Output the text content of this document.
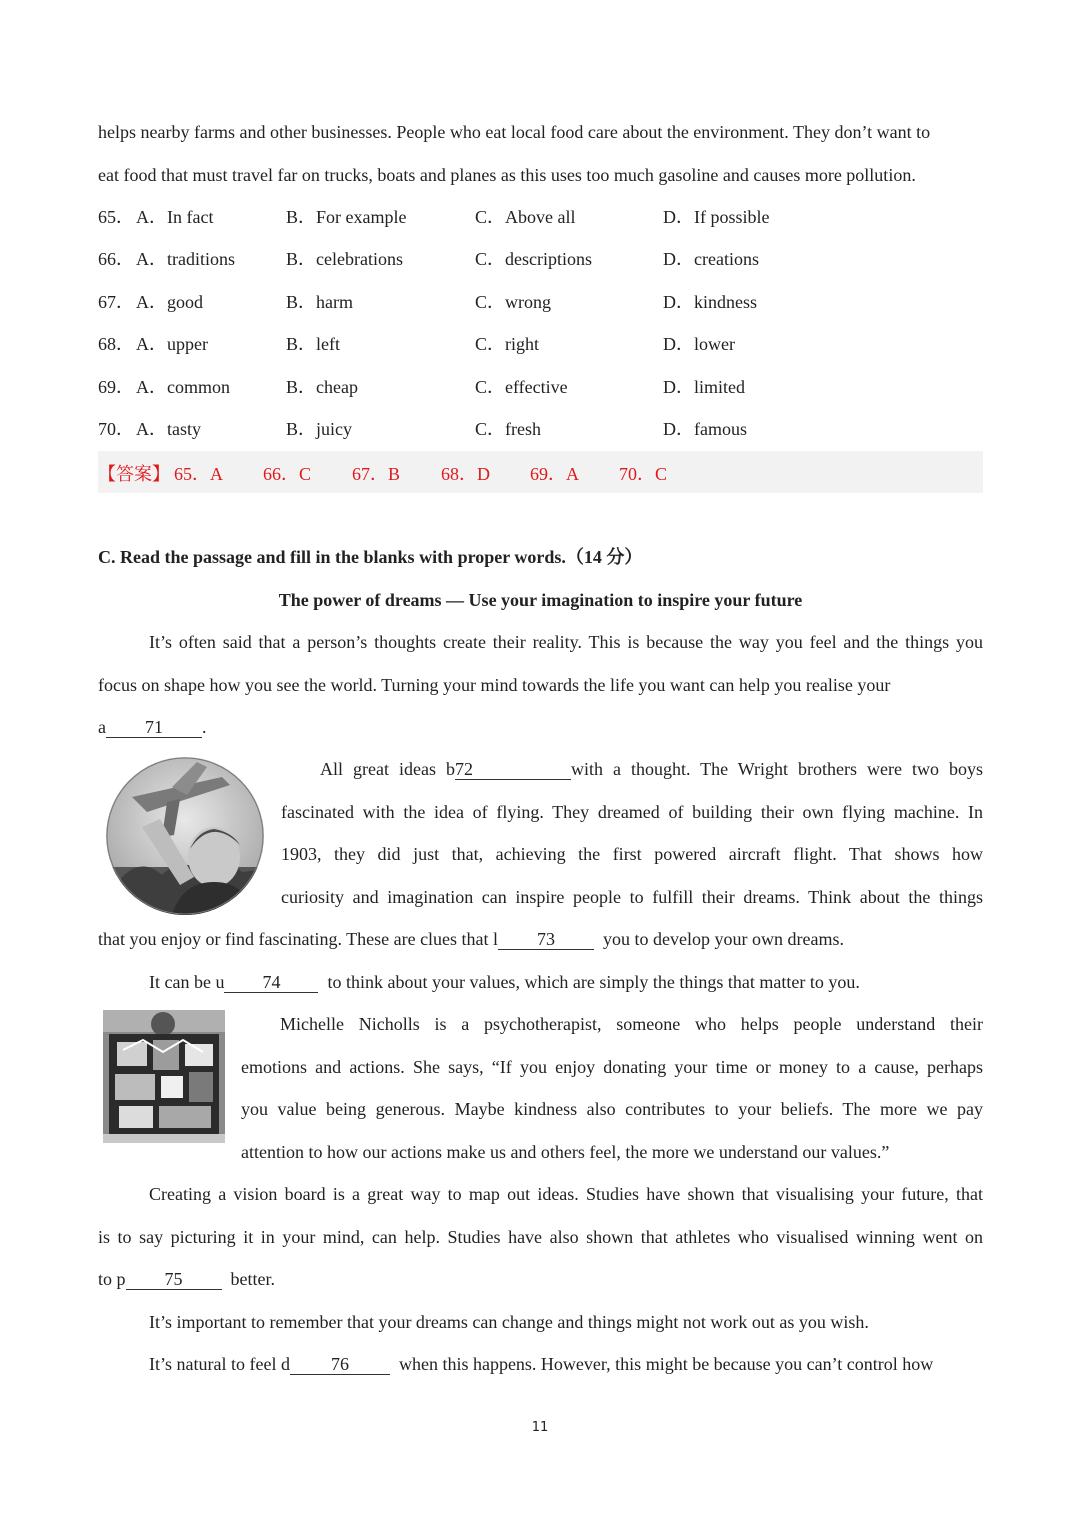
helps nearby farms and other businesses. People who eat local food care about the environment. They don’t want to
eat food that must travel far on trucks, boats and planes as this uses too much gasoline and causes more pollution.
65． A．In fact	B．For example	C．Above all	D．If possible
66． A．traditions	B．celebrations	C．descriptions	D．creations
67． A．good	B．harm	C．wrong	D．kindness
68． A．upper	B．left	C．right	D．lower
69． A．common	B．cheap	C．effective	D．limited
70． A．tasty	B．juicy	C．fresh	D．famous
【答案】 65．A 66．C 67．B 68．D 69．A 70．C
C. Read the passage and fill in the blanks with proper words.（14 分）
The power of dreams — Use your imagination to inspire your future
It’s often said that a person’s thoughts create their reality. This is because the way you feel and the things you
focus on shape how you see the world. Turning your mind towards the life you want can help you realise your
a 71 .
All great ideas b72	with a thought. The Wright brothers were two boys
fascinated with the idea of flying. They dreamed of building their own flying machine. In
1903, they did just that, achieving the first powered aircraft flight. That shows how
curiosity and imagination can inspire people to fulfill their dreams. Think about the things
that you enjoy or find fascinating. These are clues that l 73	you to develop your own dreams.
It can be u 74	to think about your values, which are simply the things that matter to you.
Michelle Nicholls is a psychotherapist, someone who helps people understand their
emotions and actions. She says, “If you enjoy donating your time or money to a cause, perhaps
you value being generous. Maybe kindness also contributes to your beliefs. The more we pay
attention to how our actions make us and others feel, the more we understand our values.”
Creating a vision board is a great way to map out ideas. Studies have shown that visualising your future, that
is to say picturing it in your mind, can help. Studies have also shown that athletes who visualised winning went on
to p 75	better.
It’s important to remember that your dreams can change and things might not work out as you wish.
It’s natural to feel d 76	when this happens. However, this might be because you can’t control how
11
